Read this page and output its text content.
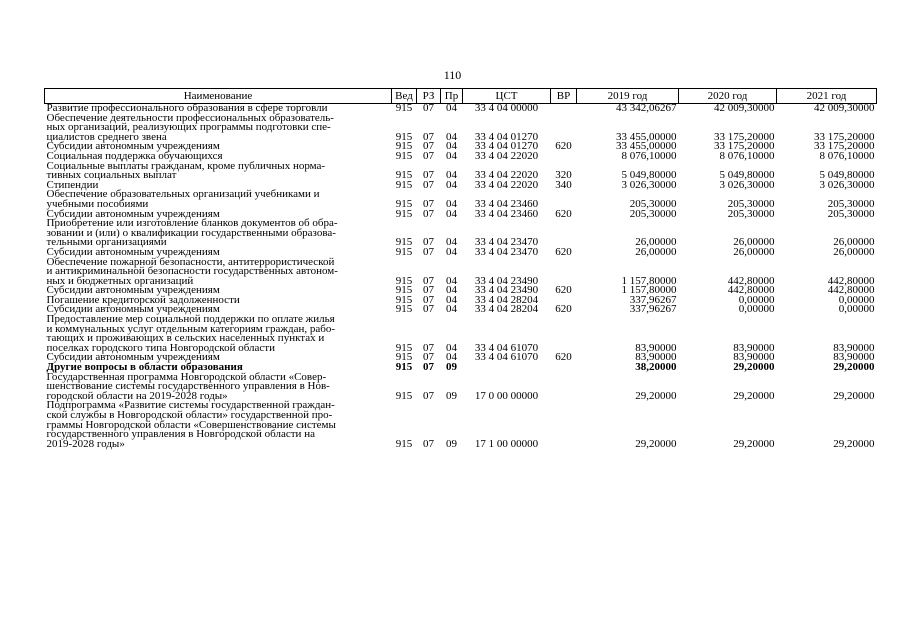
110
Наименование	Вед	РЗ	Пр	ЦСТ	ВР	2019 год	2020 год	2021 год
Развитие профессионального образования в сфере торговли	915	07	04	33 4 04 00000		43 342,06267	42 009,30000	42 009,30000
Обеспечение деятельности профессиональных образователь-
ных организаций, реализующих программы подготовки спе-
циалистов среднего звена	915	07	04	33 4 04 01270		33 455,00000	33 175,20000	33 175,20000
Субсидии автономным учреждениям	915	07	04	33 4 04 01270	620	33 455,00000	33 175,20000	33 175,20000
Социальная поддержка обучающихся	915	07	04	33 4 04 22020		8 076,10000	8 076,10000	8 076,10000
Социальные выплаты гражданам, кроме публичных норма-
тивных социальных выплат	915	07	04	33 4 04 22020	320	5 049,80000	5 049,80000	5 049,80000
Стипендии	915	07	04	33 4 04 22020	340	3 026,30000	3 026,30000	3 026,30000
Обеспечение образовательных организаций учебниками и
учебными пособиями	915	07	04	33 4 04 23460		205,30000	205,30000	205,30000
Субсидии автономным учреждениям	915	07	04	33 4 04 23460	620	205,30000	205,30000	205,30000
Приобретение или изготовление бланков документов об обра-
зовании и (или) о квалификации государственными образова-
тельными организациями	915	07	04	33 4 04 23470		26,00000	26,00000	26,00000
Субсидии автономным учреждениям	915	07	04	33 4 04 23470	620	26,00000	26,00000	26,00000
Обеспечение пожарной безопасности, антитеррористической
и антикриминальной безопасности государственных автоном-
ных и бюджетных организаций	915	07	04	33 4 04 23490		1 157,80000	442,80000	442,80000
Субсидии автономным учреждениям	915	07	04	33 4 04 23490	620	1 157,80000	442,80000	442,80000
Погашение кредиторской задолженности	915	07	04	33 4 04 28204		337,96267	0,00000	0,00000
Субсидии автономным учреждениям	915	07	04	33 4 04 28204	620	337,96267	0,00000	0,00000
Предоставление мер социальной поддержки по оплате жилья
и коммунальных услуг отдельным категориям граждан, рабо-
тающих и проживающих в сельских населенных пунктах и
поселках городского типа Новгородской области	915	07	04	33 4 04 61070		83,90000	83,90000	83,90000
Субсидии автономным учреждениям	915	07	04	33 4 04 61070	620	83,90000	83,90000	83,90000
Другие вопросы в области образования	915	07	09			38,20000	29,20000	29,20000
Государственная программа Новгородской области «Совер-
шенствование системы государственного управления в Нов-
городской области на 2019-2028 годы»	915	07	09	17 0 00 00000		29,20000	29,20000	29,20000
Подпрограмма «Развитие системы государственной граждан-
ской службы в Новгородской области» государственной про-
граммы Новгородской области «Совершенствование системы
государственного управления в Новгородской области на
2019-2028 годы»	915	07	09	17 1 00 00000		29,20000	29,20000	29,20000
